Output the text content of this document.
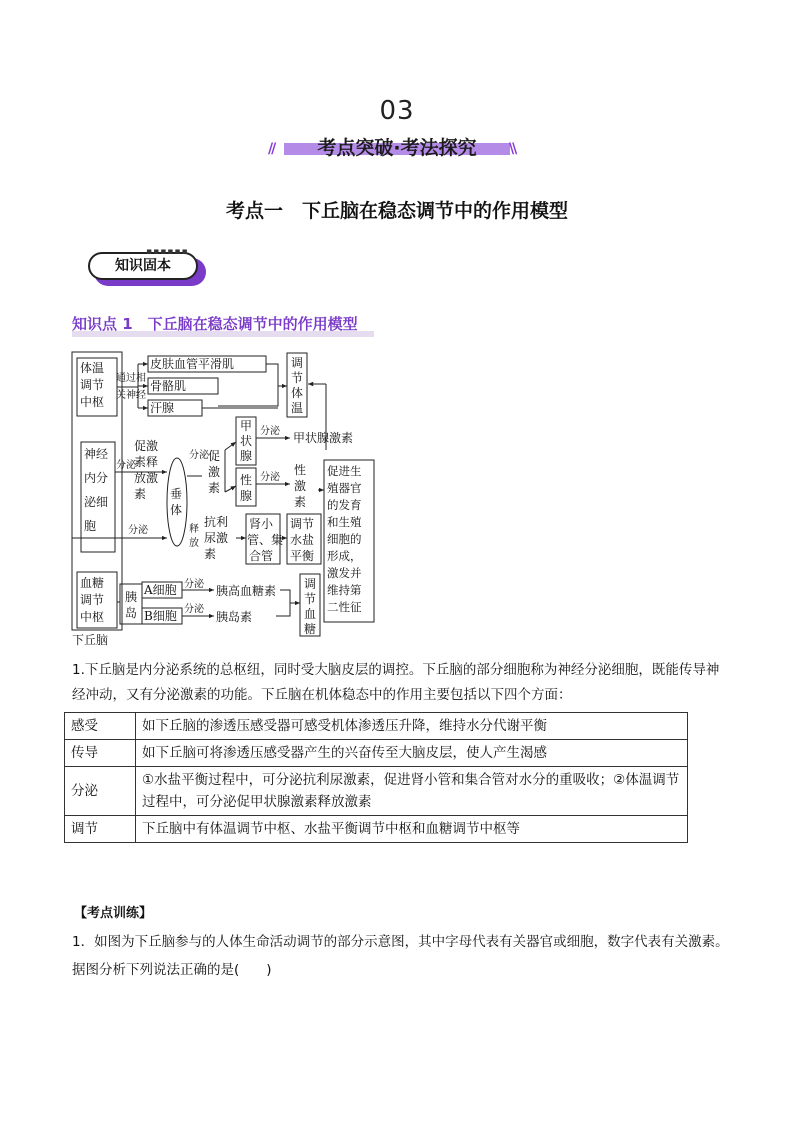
03
考点突破·考法探究
//	\\
考点一　下丘脑在稳态调节中的作用模型
知识固本
▪▪▪▪▪▪
知识点 1　下丘脑在稳态调节中的作用模型
体温
调节
中枢
神经
内分
泌细
胞
血糖
调节
中枢
下丘脑
通过相
关神经
皮肤血管平滑肌
骨骼肌
汗腺
调
节
体
温
分泌
促激
素释
放激
素 垂
体
分泌 促
激
素
释
放
分泌
抗利
尿激
素
甲
状
腺
性
腺
分泌
分泌
甲状腺激素
性
激
素
促进生
殖器官
的发育
和生殖
细胞的
形成，
激发并
维持第
二性征
肾小
管、集
合管
调节
水盐
平衡
胰
岛
A细胞
B细胞
分泌
分泌
胰高血糖素
胰岛素
调
节
血
糖
1.下丘脑是内分泌系统的总枢纽，同时受大脑皮层的调控。下丘脑的部分细胞称为神经分泌细胞，既能传导神经冲动，又有分泌激素的功能。下丘脑在机体稳态中的作用主要包括以下四个方面：
感受	如下丘脑的渗透压感受器可感受机体渗透压升降，维持水分代谢平衡
传导	如下丘脑可将渗透压感受器产生的兴奋传至大脑皮层，使人产生渴感
分泌	①水盐平衡过程中，可分泌抗利尿激素，促进肾小管和集合管对水分的重吸收；②体温调节过程中，可分泌促甲状腺激素释放激素
调节	下丘脑中有体温调节中枢、水盐平衡调节中枢和血糖调节中枢等
【考点训练】
1．如图为下丘脑参与的人体生命活动调节的部分示意图，其中字母代表有关器官或细胞，数字代表有关激素。据图分析下列说法正确的是(　　)
